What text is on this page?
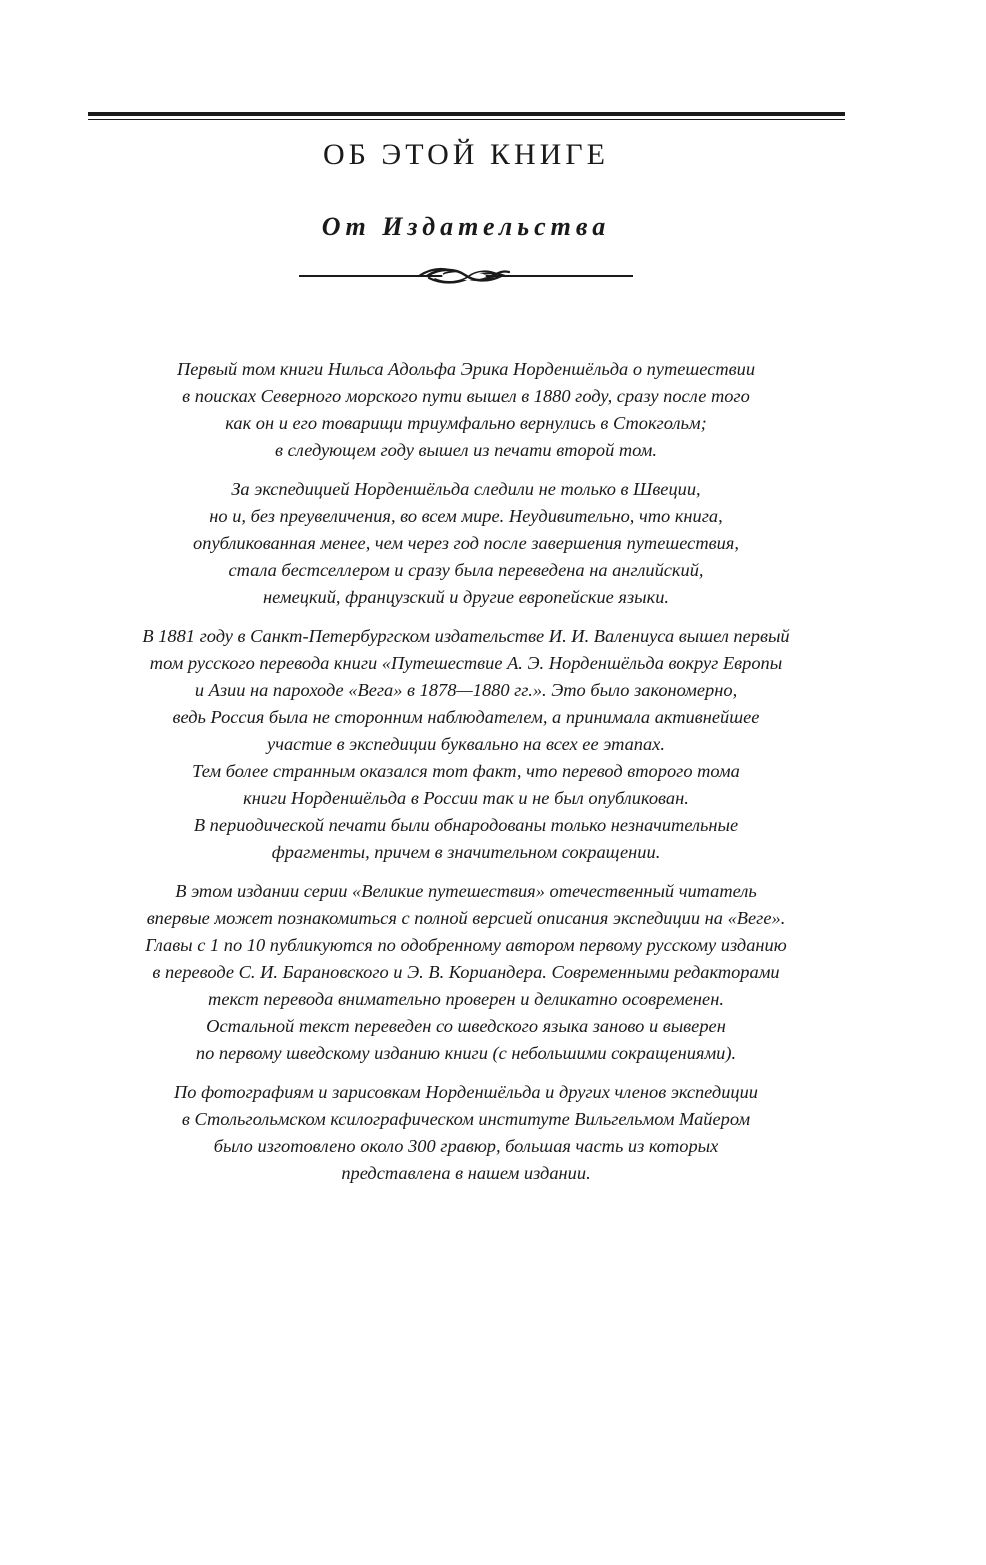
ОБ ЭТОЙ КНИГЕ
От Издательства

Первый том книги Нильса Адольфа Эрика Норденшёльда о путешествии
в поисках Северного морского пути вышел в 1880 году, сразу после того
как он и его товарищи триумфально вернулись в Стокгольм;
в следующем году вышел из печати второй том.

За экспедицией Норденшёльда следили не только в Швеции,
но и, без преувеличения, во всем мире. Неудивительно, что книга,
опубликованная менее, чем через год после завершения путешествия,
стала бестселлером и сразу была переведена на английский,
немецкий, французский и другие европейские языки.

В 1881 году в Санкт-Петербургском издательстве И. И. Валениуса вышел первый
том русского перевода книги «Путешествие А. Э. Норденшёльда вокруг Европы
и Азии на пароходе «Вега» в 1878—1880 гг.». Это было закономерно,
ведь Россия была не сторонним наблюдателем, а принимала активнейшее
участие в экспедиции буквально на всех ее этапах.
Тем более странным оказался тот факт, что перевод второго тома
книги Норденшёльда в России так и не был опубликован.
В периодической печати были обнародованы только незначительные
фрагменты, причем в значительном сокращении.

В этом издании серии «Великие путешествия» отечественный читатель
впервые может познакомиться с полной версией описания экспедиции на «Веге».
Главы с 1 по 10 публикуются по одобренному автором первому русскому изданию
в переводе С. И. Барановского и Э. В. Кориандера. Современными редакторами
текст перевода внимательно проверен и деликатно осовременен.
Остальной текст переведен со шведского языка заново и выверен
по первому шведскому изданию книги (с небольшими сокращениями).

По фотографиям и зарисовкам Норденшёльда и других членов экспедиции
в Стольгольмском ксилографическом институте Вильгельмом Майером
было изготовлено около 300 гравюр, большая часть из которых
представлена в нашем издании.
